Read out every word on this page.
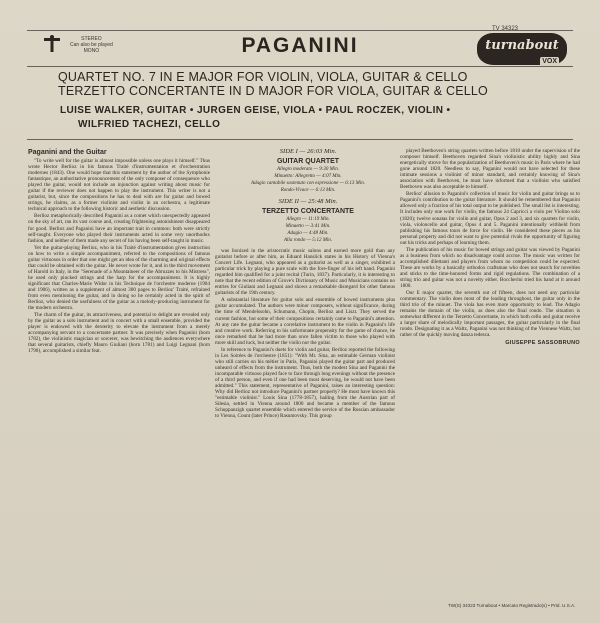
STEREO
Can also be played
MONO	PAGANINI
TV 34323
turnabout
VOX
QUARTET NO. 7 IN E MAJOR FOR VIOLIN, VIOLA, GUITAR & CELLO
TERZETTO CONCERTANTE IN D MAJOR FOR VIOLA, GUITAR & CELLO
LUISE WALKER, GUITAR • JURGEN GEISE, VIOLA • PAUL ROCZEK, VIOLIN •
WILFRIED TACHEZI, CELLO

Paganini and the Guitar

"To write well for the guitar is almost impossible unless one plays it himself." Thus wrote Hector Berlioz in his famous Traité d'instrumentation et d'orchestration modernes (1843). One would hope that this statement by the author of the Symphonie fantastique, an authoritative pronouncement of the only composer of consequence who played the guitar, would not include an injunction against writing about music for guitar if the reviewer does not happen to play the instrument. This writer is not a guitarist, but, since the compositions he has to deal with are for guitar and bowed strings, he claims, as a former violinist and violist in an orchestra, a legitimate technical approach to the following historic and aesthetic discussion.

Berlioz metaphorically described Paganini as a comet which unexpectedly appeared on the sky of art, ran its vast course and, creating frightening astonishment disappeared for good. Berlioz and Paganini have an important trait in common: both were strictly self-taught. Everyone who played their instruments acted in some very unorthodox fashion, and neither of them made any secret of his having been self-taught in music.

Yet the guitar-playing Berlioz, who in his Traité d'instrumentation gives instruction on how to write a simple accompaniment, referred to the compositions of famous guitar virtuosos in order that one might get an idea of the charming and original effects that could be obtained with the guitar. He never wrote for it, and in the third movement of Harold in Italy, in the "Serenade of a Mountaineer of the Abruzzes to his Mistress", he used only plucked strings and the harp for the accompaniment. It is highly significant that Charles-Marie Widor in his Technique de l'orchestre moderne (1904 and 1906), written as a supplement of almost 300 pages to Berlioz' Traité, refrained from even mentioning the guitar, and in doing so he certainly acted in the spirit of Berlioz, who denied the usefulness of the guitar as a melody-producing instrument for the modern orchestra.

The charm of the guitar, its attractiveness, and potential to delight are revealed only by the guitar as a solo instrument and in concert with a small ensemble, provided the player is endowed with the dexterity to elevate the instrument from a merely accompanying servant to a concertante partner. It was precisely when Paganini (born 1782), the violinistic magician or sorcerer, was bewitching the audiences everywhere that several guitarists, chiefly Mauro Giuliani (born 1781) and Luigi Legnani (born 1790), accomplished a similar feat.

SIDE I — 26:03 Min.

GUITAR QUARTET

Allegro moderato — 9:30 Min.

Minuetto: Allegretto — 4:07 Min.

Adagio cantabile sostenuto con espressione — 6:13 Min.

Rondo-Vivace — 6:13 Min.

SIDE II — 25:48 Min.

TERZETTO CONCERTANTE

Allegro — 11:19 Min.

Minuetto — 3:41 Min.

Adagio — 4:48 Min.

Alla rondo — 5:12 Min.

was lionized in the aristocratic music salons and earned more gold than any guitarist before or after him, as Eduard Hanslick states in his History of Vienna's Concert Life. Legnani, who appeared as a guitarist as well as a singer, exhibited a particular trick by playing a pure scale with the fore-finger of his left hand. Paganini regarded him qualified for a joint recital (Turin, 1837). Particularly, it is interesting to note that the recent edition of Grove's Dictionary of Music and Musicians contains no entries for Giuliani and Legnani and shows a remarkable disregard for other famous guitarists of the 19th century.

A substantial literature for guitar solo and ensemble of bowed instruments plus guitar accumulated. The authors were minor composers, without significance, during the time of Mendelssohn, Schumann, Chopin, Berlioz and Liszt. They served the current fashion, but some of their compositions certainly came to Paganini's attention. At any rate the guitar became a correlative instrument to the violin in Paganini's life and creative work. Referring to his unfortunate propensity for the game of chance, he once remarked that he had more than once fallen victim to those who played with more skill and luck, but neither the violin nor the guitar.

In reference to Paganini's duets for violin and guitar, Berlioz reported the following in Les Soirées de l'orchestre (1851): "With Mr. Sina, an estimable German violinist who still carries on his métier in Paris, Paganini played the guitar part and produced unheard of effects from the instrument. Thus, both the modest Sina and Paganini the incomparable virtuoso played face to face through long evenings without the presence of a third person, and even if one had been most deserving, he would not have been admitted." This statement, representative of Paganini, raises an interesting question: Why did Berlioz not introduce Paganini's partner properly? He must have known this "estimable violinist." Louis Sina (1778-1857), hailing from the Austrian part of Silesia, settled in Vienna around 1800 and became a member of the famous Schuppanzigh quartet ensemble which entered the service of the Russian ambassador to Vienna, Count (later Prince) Rasumovsky. This group

played Beethoven's string quartets written before 1810 under the supervision of the composer himself. Beethoven regarded Sina's violinistic ability highly and Sina energetically strove for the popularization of Beethoven's music in Paris where he had gone around 1820. Needless to say, Paganini would not have selected for these intimate sessions a violinist of minor standard, and certainly knowing of Sina's association with Beethoven, he must have informed that a violinist who satisfied Beethoven was also acceptable to himself.

Berlioz' allusion to Paganini's collection of music for violin and guitar brings us to Paganini's contribution to the guitar literature. It should be remembered that Paganini allowed only a fraction of his total output to be published. The small list is interesting. It includes only one work for violin, the famous 24 Capricci a violo per Violino solo (1820); twelve sonatas for violin and guitar, Opus 2 and 3, and six quartets for violin, viola, violoncello and guitar, Opus 4 and 5. Paganini intentionally withheld from publishing his famous tours de force for violin. He considered these pieces as his personal property and did not want to give potential rivals the opportunity of figuring out his tricks and perhaps of learning them.

The publication of his music for bowed strings and guitar was viewed by Paganini as a business from which no disadvantage could accrue. The music was written for accomplished dilettanti and players from whom no competition could be expected. These are works by a basically orthodox craftsman who does not search for novelties and sticks to the time-honored forms and rigid regulations. The combination of a string trio and guitar was not a novelty either. Boccherini tried his hand at it around 1800.

Our E major quartet, the seventh out of fifteen, does not need any particular commentary. The violin does most of the leading throughout, the guitar only in the third trio of the minuet. The viola has even more opportunity to lead. The Adagio remains the domain of the violin, as does also the final rondo. The situation is somewhat different in the Terzetto Concertante, in which both cello and guitar receive a larger share of melodically important passages, the guitar particularly in the final rondo. Designating it as a Waltz, Paganini was not thinking of the Viennese Waltz, but rather of the quickly moving danza tedesca.

GIUSEPPE SASSOBRUNO

TW(S) 34323 Turnabout • Marcato Registrado(s) • Prtd. U.S.A.
